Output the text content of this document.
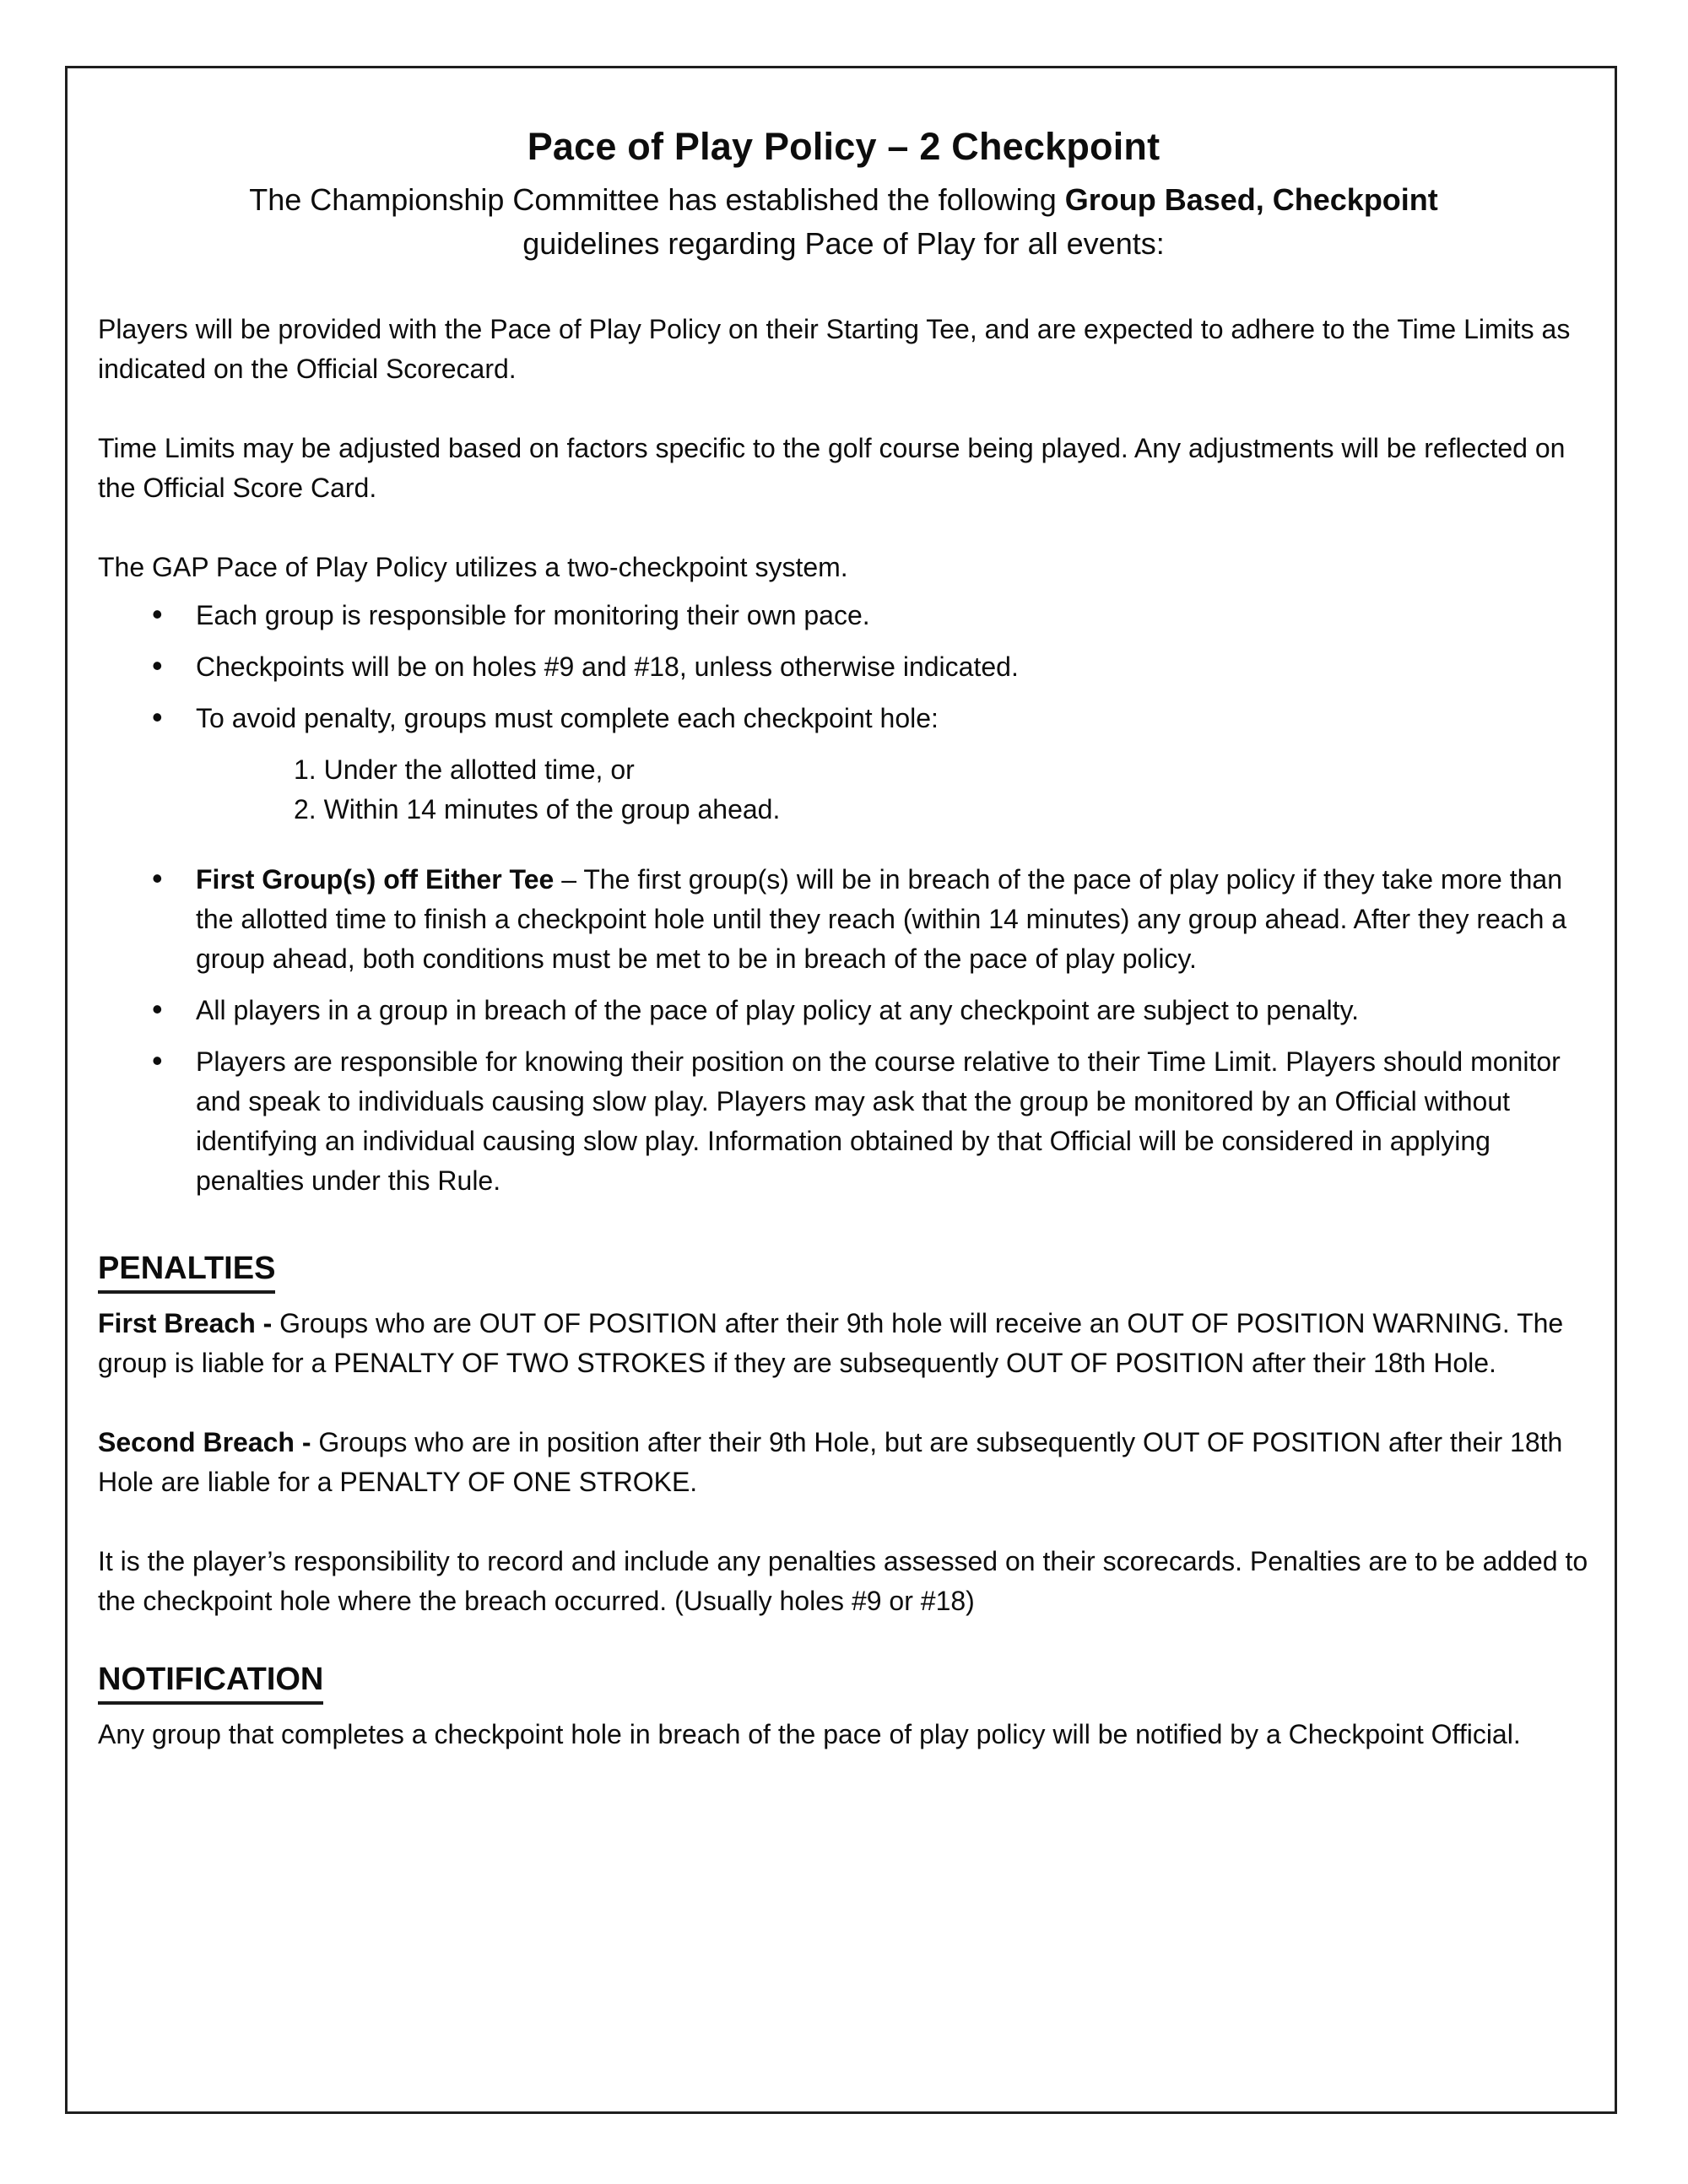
Pace of Play Policy – 2 Checkpoint
The Championship Committee has established the following Group Based, Checkpoint
guidelines regarding Pace of Play for all events:

Players will be provided with the Pace of Play Policy on their Starting Tee, and are expected to adhere to the Time Limits as indicated on the Official Scorecard.

Time Limits may be adjusted based on factors specific to the golf course being played. Any adjustments will be reflected on the Official Score Card.

The GAP Pace of Play Policy utilizes a two-checkpoint system.

• Each group is responsible for monitoring their own pace.
• Checkpoints will be on holes #9 and #18, unless otherwise indicated.
• To avoid penalty, groups must complete each checkpoint hole:
1. Under the allotted time, or
2. Within 14 minutes of the group ahead.
• First Group(s) off Either Tee – The first group(s) will be in breach of the pace of play policy if they take more than the allotted time to finish a checkpoint hole until they reach (within 14 minutes) any group ahead. After they reach a group ahead, both conditions must be met to be in breach of the pace of play policy.
• All players in a group in breach of the pace of play policy at any checkpoint are subject to penalty.
• Players are responsible for knowing their position on the course relative to their Time Limit. Players should monitor and speak to individuals causing slow play. Players may ask that the group be monitored by an Official without identifying an individual causing slow play. Information obtained by that Official will be considered in applying penalties under this Rule.
PENALTIES

First Breach - Groups who are OUT OF POSITION after their 9th hole will receive an OUT OF POSITION WARNING. The group is liable for a PENALTY OF TWO STROKES if they are subsequently OUT OF POSITION after their 18th Hole.

Second Breach - Groups who are in position after their 9th Hole, but are subsequently OUT OF POSITION after their 18th Hole are liable for a PENALTY OF ONE STROKE.

It is the player’s responsibility to record and include any penalties assessed on their scorecards. Penalties are to be added to the checkpoint hole where the breach occurred. (Usually holes #9 or #18)

NOTIFICATION

Any group that completes a checkpoint hole in breach of the pace of play policy will be notified by a Checkpoint Official.
